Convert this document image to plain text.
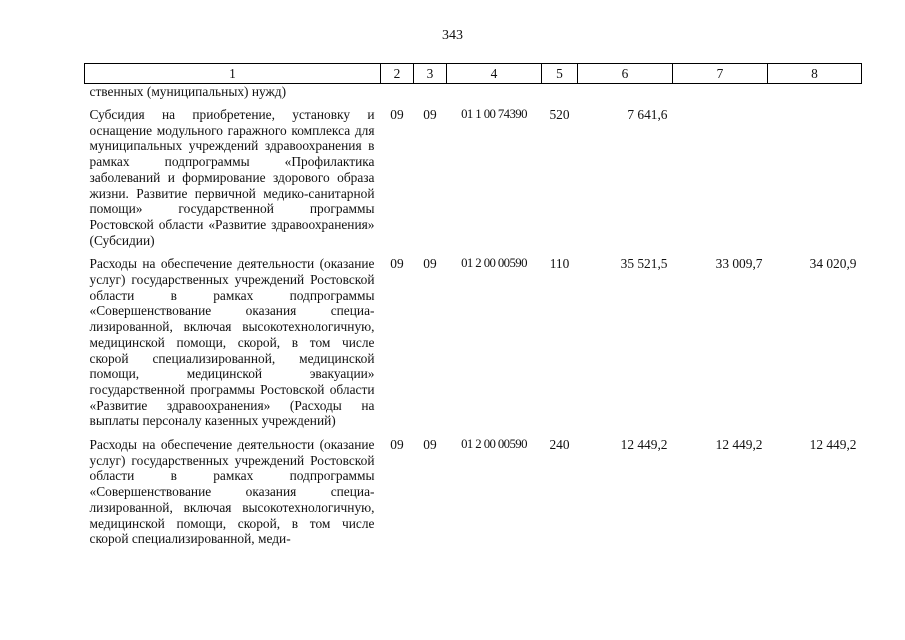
343
1	2	3	4	5	6	7	8
ственных (муниципальных) нужд)							

Субсидия на приобретение, установку и оснащение модульного гаражного комплекса для муниципальных учреждений здравоохранения в рамках подпрограммы «Профилактика заболеваний и формирование здорового образа жизни. Развитие первичной медико-санитарной помощи» государственной программы Ростовской области «Развитие здравоохранения» (Субсидии)	09	09	01 1 00 74390	520	7 641,6		

Расходы на обеспечение деятельности (оказание услуг) государственных учреждений Ростовской области в рамках подпрограммы «Совершенствование оказания специализированной, включая высокотехнологичную, медицинской помощи, скорой, в том числе скорой специализированной, медицинской помощи, медицинской эвакуации» государственной программы Ростовской области «Развитие здравоохранения» (Расходы на выплаты персоналу казенных учреждений)	09	09	01 2 00 00590	110	35 521,5	33 009,7	34 020,9

Расходы на обеспечение деятельности (оказание услуг) государственных учреждений Ростовской области в рамках подпрограммы «Совершенствование оказания специализированной, включая высокотехнологичную, медицинской помощи, скорой, в том числе скорой специализированной, меди-	09	09	01 2 00 00590	240	12 449,2	12 449,2	12 449,2
